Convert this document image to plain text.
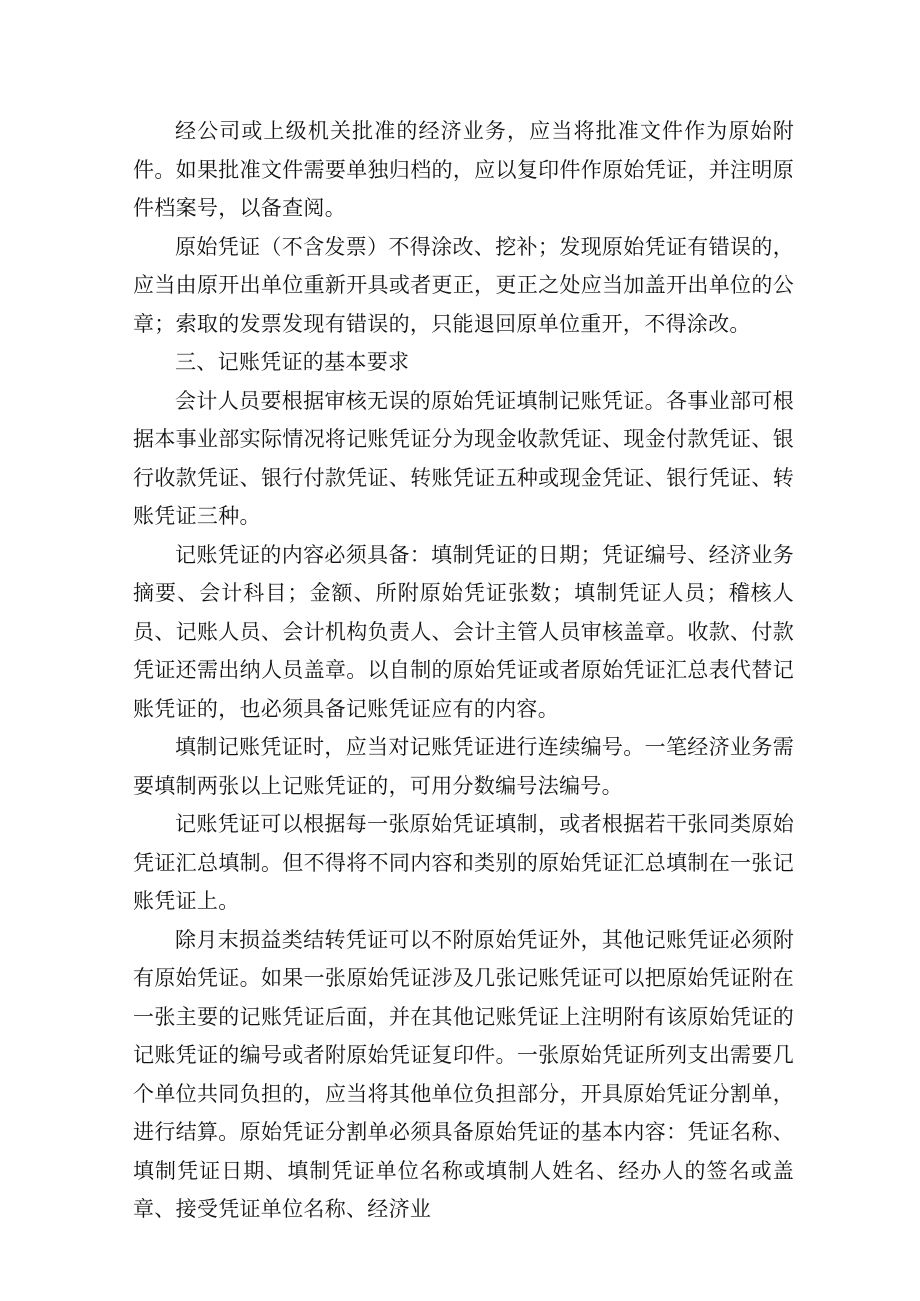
经公司或上级机关批准的经济业务，应当将批准文件作为原始附件。如果批准文件需要单独归档的，应以复印件作原始凭证，并注明原件档案号，以备查阅。

原始凭证（不含发票）不得涂改、挖补；发现原始凭证有错误的，应当由原开出单位重新开具或者更正，更正之处应当加盖开出单位的公章；索取的发票发现有错误的，只能退回原单位重开，不得涂改。

三、记账凭证的基本要求

会计人员要根据审核无误的原始凭证填制记账凭证。各事业部可根据本事业部实际情况将记账凭证分为现金收款凭证、现金付款凭证、银行收款凭证、银行付款凭证、转账凭证五种或现金凭证、银行凭证、转账凭证三种。

记账凭证的内容必须具备：填制凭证的日期；凭证编号、经济业务摘要、会计科目；金额、所附原始凭证张数；填制凭证人员；稽核人员、记账人员、会计机构负责人、会计主管人员审核盖章。收款、付款凭证还需出纳人员盖章。以自制的原始凭证或者原始凭证汇总表代替记账凭证的，也必须具备记账凭证应有的内容。

填制记账凭证时，应当对记账凭证进行连续编号。一笔经济业务需要填制两张以上记账凭证的，可用分数编号法编号。

记账凭证可以根据每一张原始凭证填制，或者根据若干张同类原始凭证汇总填制。但不得将不同内容和类别的原始凭证汇总填制在一张记账凭证上。

除月末损益类结转凭证可以不附原始凭证外，其他记账凭证必须附有原始凭证。如果一张原始凭证涉及几张记账凭证可以把原始凭证附在一张主要的记账凭证后面，并在其他记账凭证上注明附有该原始凭证的记账凭证的编号或者附原始凭证复印件。一张原始凭证所列支出需要几个单位共同负担的，应当将其他单位负担部分，开具原始凭证分割单，进行结算。原始凭证分割单必须具备原始凭证的基本内容：凭证名称、填制凭证日期、填制凭证单位名称或填制人姓名、经办人的签名或盖章、接受凭证单位名称、经济业
